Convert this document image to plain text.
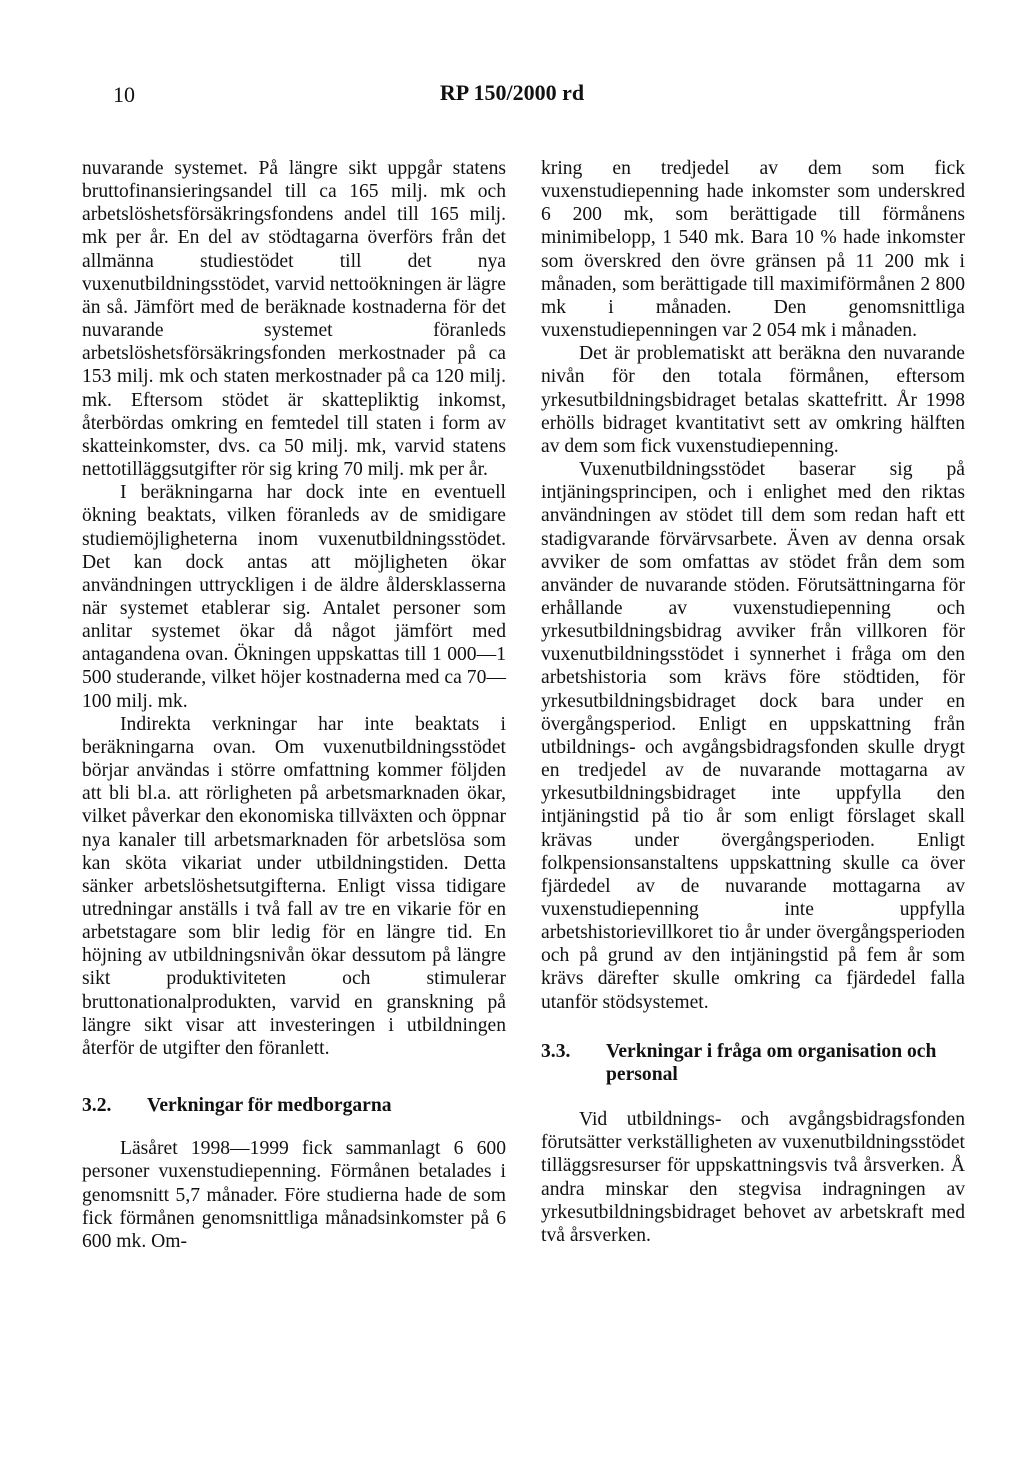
10	RP 150/2000 rd

nuvarande systemet. På längre sikt uppgår statens bruttofinansieringsandel till ca 165 milj. mk och arbetslöshetsförsäkringsfondens andel till 165 milj. mk per år. En del av stödtagarna överförs från det allmänna studiestödet till det nya vuxenutbildningsstödet, varvid nettoökningen är lägre än så. Jämfört med de beräknade kostnaderna för det nuvarande systemet föranleds arbetslöshetsförsäkringsfonden merkostnader på ca 153 milj. mk och staten merkostnader på ca 120 milj. mk. Eftersom stödet är skattepliktig inkomst, återbördas omkring en femtedel till staten i form av skatteinkomster, dvs. ca 50 milj. mk, varvid statens nettotilläggsutgifter rör sig kring 70 milj. mk per år.

I beräkningarna har dock inte en eventuell ökning beaktats, vilken föranleds av de smidigare studiemöjligheterna inom vuxenutbildningsstödet. Det kan dock antas att möjligheten ökar användningen uttryckligen i de äldre åldersklasserna när systemet etablerar sig. Antalet personer som anlitar systemet ökar då något jämfört med antagandena ovan. Ökningen uppskattas till 1 000—1 500 studerande, vilket höjer kostnaderna med ca 70—100 milj. mk.

Indirekta verkningar har inte beaktats i beräkningarna ovan. Om vuxenutbildningsstödet börjar användas i större omfattning kommer följden att bli bl.a. att rörligheten på arbetsmarknaden ökar, vilket påverkar den ekonomiska tillväxten och öppnar nya kanaler till arbetsmarknaden för arbetslösa som kan sköta vikariat under utbildningstiden. Detta sänker arbetslöshetsutgifterna. Enligt vissa tidigare utredningar anställs i två fall av tre en vikarie för en arbetstagare som blir ledig för en längre tid. En höjning av utbildningsnivån ökar dessutom på längre sikt produktiviteten och stimulerar bruttonationalprodukten, varvid en granskning på längre sikt visar att investeringen i utbildningen återför de utgifter den föranlett.

3.2.	Verkningar för medborgarna

Läsåret 1998—1999 fick sammanlagt 6 600 personer vuxenstudiepenning. Förmånen betalades i genomsnitt 5,7 månader. Före studierna hade de som fick förmånen genomsnittliga månadsinkomster på 6 600 mk. Om-

kring en tredjedel av dem som fick vuxenstudiepenning hade inkomster som underskred 6 200 mk, som berättigade till förmånens minimibelopp, 1 540 mk. Bara 10 % hade inkomster som överskred den övre gränsen på 11 200 mk i månaden, som berättigade till maximiförmånen 2 800 mk i månaden. Den genomsnittliga vuxenstudiepenningen var 2 054 mk i månaden.

Det är problematiskt att beräkna den nuvarande nivån för den totala förmånen, eftersom yrkesutbildningsbidraget betalas skattefritt. År 1998 erhölls bidraget kvantitativt sett av omkring hälften av dem som fick vuxenstudiepenning.

Vuxenutbildningsstödet baserar sig på intjäningsprincipen, och i enlighet med den riktas användningen av stödet till dem som redan haft ett stadigvarande förvärvsarbete. Även av denna orsak avviker de som omfattas av stödet från dem som använder de nuvarande stöden. Förutsättningarna för erhållande av vuxenstudiepenning och yrkesutbildningsbidrag avviker från villkoren för vuxenutbildningsstödet i synnerhet i fråga om den arbetshistoria som krävs före stödtiden, för yrkesutbildningsbidraget dock bara under en övergångsperiod. Enligt en uppskattning från utbildnings- och avgångsbidragsfonden skulle drygt en tredjedel av de nuvarande mottagarna av yrkesutbildningsbidraget inte uppfylla den intjäningstid på tio år som enligt förslaget skall krävas under övergångsperioden. Enligt folkpensionsanstaltens uppskattning skulle ca över fjärdedel av de nuvarande mottagarna av vuxenstudiepenning inte uppfylla arbetshistorievillkoret tio år under övergångsperioden och på grund av den intjäningstid på fem år som krävs därefter skulle omkring ca fjärdedel falla utanför stödsystemet.

3.3.	Verkningar i fråga om organisation och personal

Vid utbildnings- och avgångsbidragsfonden förutsätter verkställigheten av vuxenutbildningsstödet tilläggsresurser för uppskattningsvis två årsverken. Å andra minskar den stegvisa indragningen av yrkesutbildningsbidraget behovet av arbetskraft med två årsverken.
